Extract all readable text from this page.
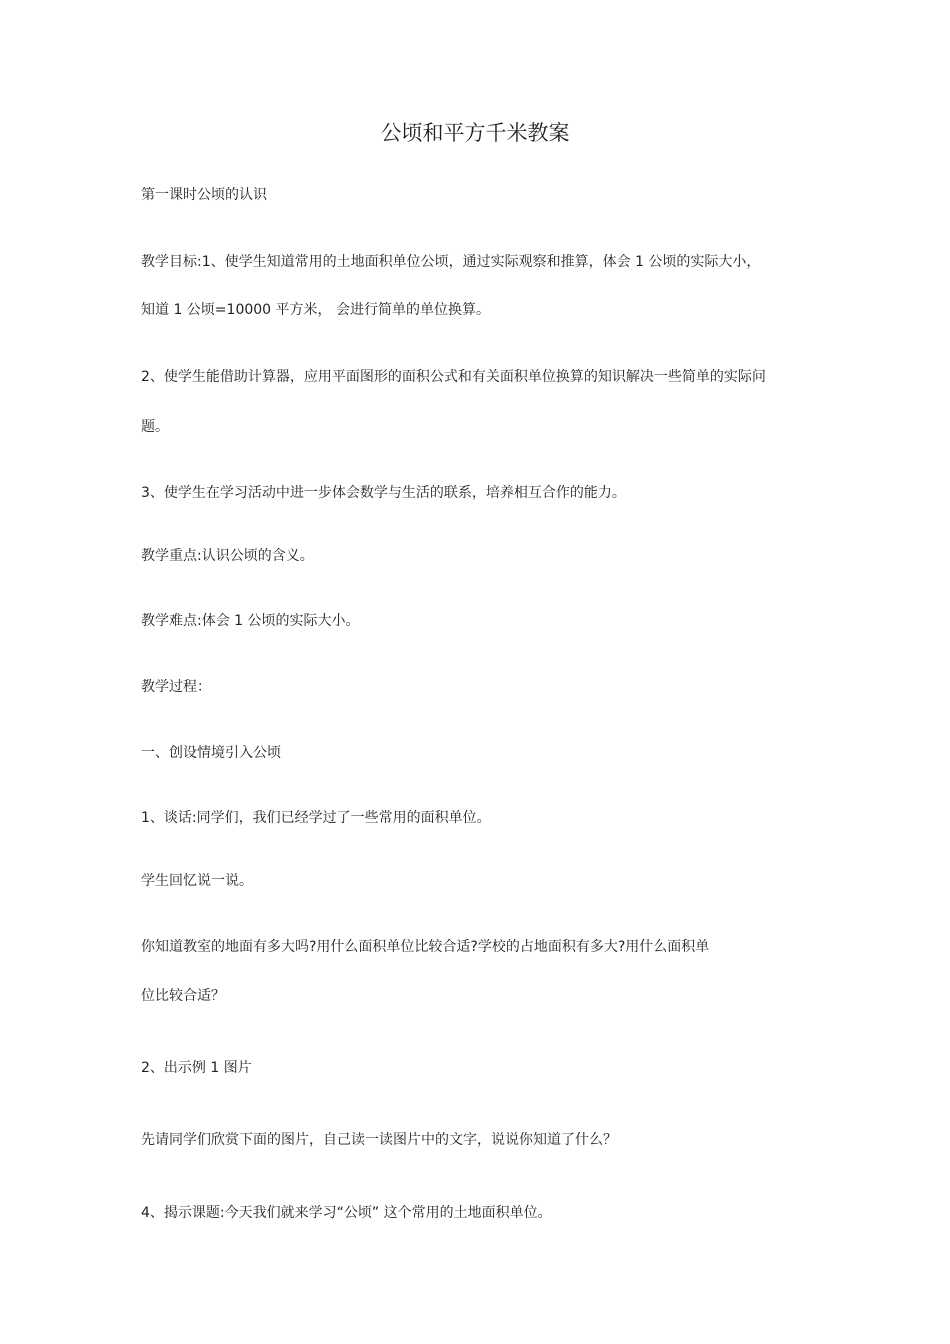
公顷和平方千米教案
第一课时公顷的认识
教学目标:1、使学生知道常用的土地面积单位公顷，通过实际观察和推算，体会 1 公顷的实际大小，
知道 1 公顷=10000 平方米， 会进行简单的单位换算。
2、使学生能借助计算器，应用平面图形的面积公式和有关面积单位换算的知识解决一些简单的实际问
题。
3、使学生在学习活动中进一步体会数学与生活的联系，培养相互合作的能力。
教学重点:认识公顷的含义。
教学难点:体会 1 公顷的实际大小。
教学过程：
一、创设情境引入公顷
1、谈话:同学们，我们已经学过了一些常用的面积单位。
学生回忆说一说。
你知道教室的地面有多大吗?用什么面积单位比较合适?学校的占地面积有多大?用什么面积单
位比较合适？
2、出示例 1 图片
先请同学们欣赏下面的图片，自己读一读图片中的文字，说说你知道了什么？
4、揭示课题:今天我们就来学习“公顷” 这个常用的土地面积单位。
